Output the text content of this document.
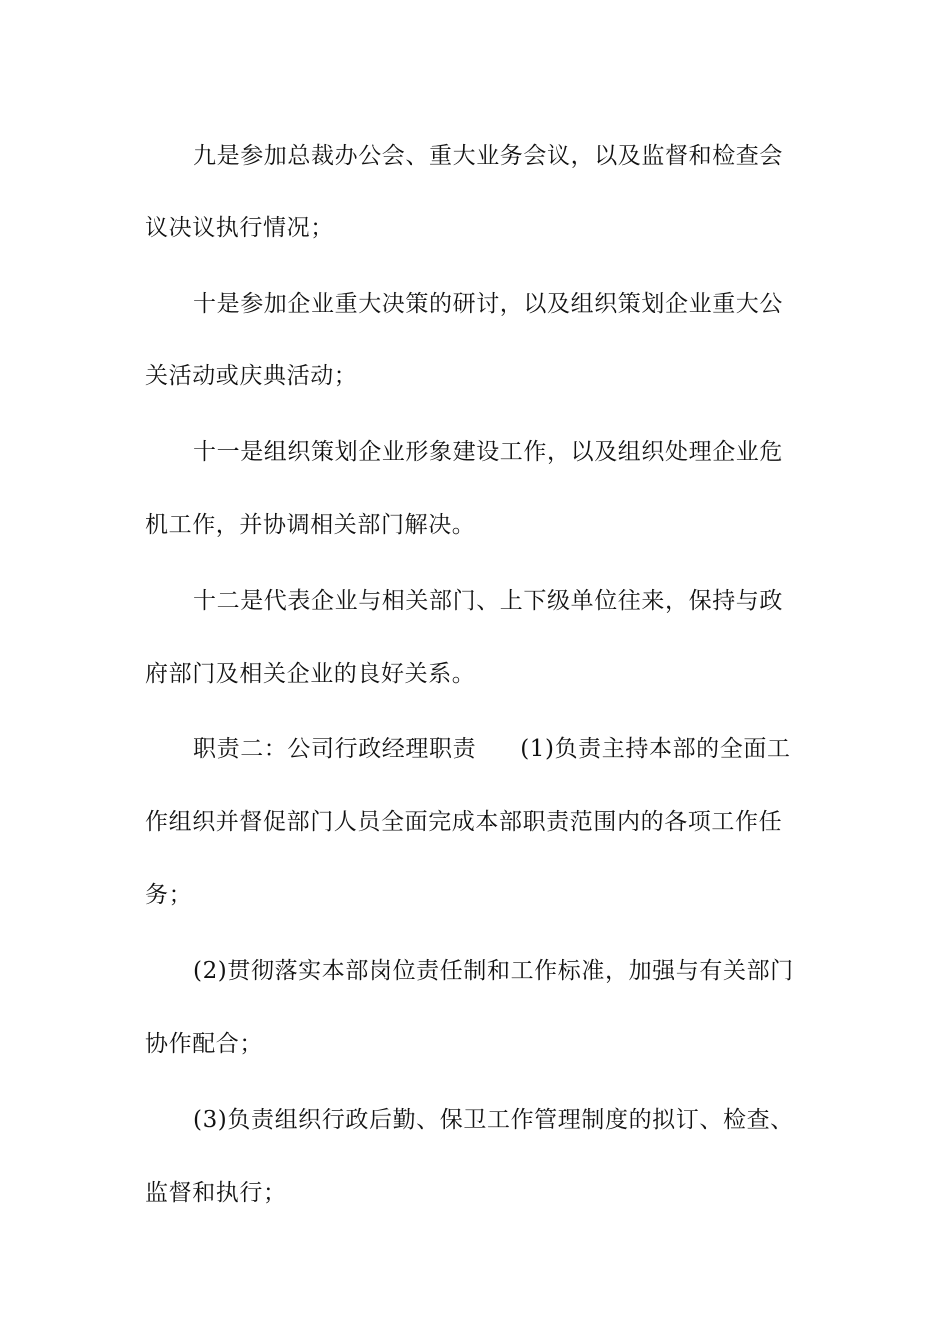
九是参加总裁办公会、重大业务会议，以及监督和检查会
议决议执行情况；
十是参加企业重大决策的研讨，以及组织策划企业重大公
关活动或庆典活动；
十一是组织策划企业形象建设工作，以及组织处理企业危
机工作，并协调相关部门解决。
十二是代表企业与相关部门、上下级单位往来，保持与政
府部门及相关企业的良好关系。
职责二：公司行政经理职责 (1)负责主持本部的全面工
作组织并督促部门人员全面完成本部职责范围内的各项工作任
务；
(2)贯彻落实本部岗位责任制和工作标准，加强与有关部门
协作配合；
(3)负责组织行政后勤、保卫工作管理制度的拟订、检查、
监督和执行；
